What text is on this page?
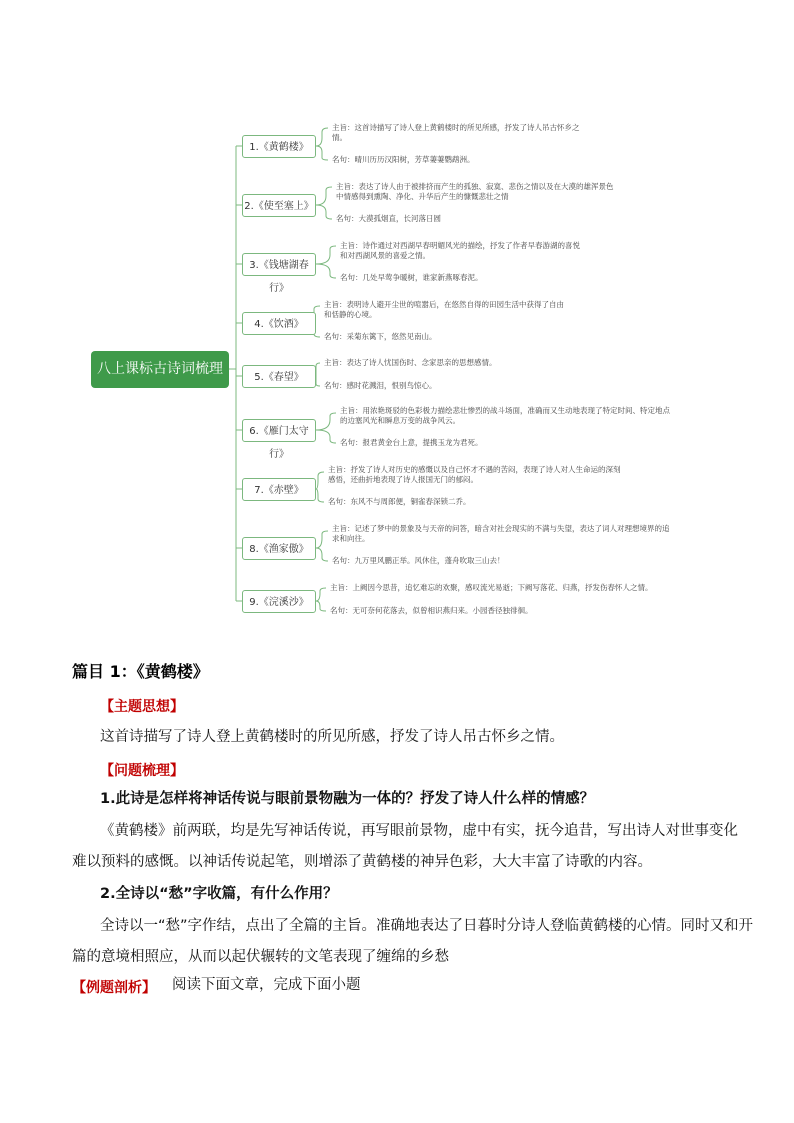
八上课标古诗词梳理
1.《黄鹤楼》
主旨：这首诗描写了诗人登上黄鹤楼时的所见所感，抒发了诗人吊古怀乡之
情。
名句：晴川历历汉阳树，芳草萋萋鹦鹉洲。
2.《使至塞上》
主旨：表达了诗人由于被排挤而产生的孤独、寂寞、悲伤之情以及在大漠的雄浑景色
中情感得到熏陶、净化、升华后产生的慷慨悲壮之情
名句：大漠孤烟直，长河落日圆
3.《钱塘湖春行》
主旨：诗作通过对西湖早春明媚风光的描绘，抒发了作者早春游湖的喜悦
和对西湖风景的喜爱之情。
名句：几处早莺争暖树，谁家新燕啄春泥。
4.《饮酒》
主旨：表明诗人避开尘世的喧嚣后，在悠然自得的田园生活中获得了自由
和恬静的心境。
名句：采菊东篱下，悠然见南山。
5.《春望》
主旨：表达了诗人忧国伤时、念家思亲的思想感情。
名句：感时花溅泪，恨别鸟惊心。
6.《雁门太守行》
主旨：用浓艳斑驳的色彩极力描绘悲壮惨烈的战斗场面，准确而又生动地表现了特定时间、特定地点
的边塞风光和瞬息万变的战争风云。
名句：报君黄金台上意，提携玉龙为君死。
7.《赤壁》
主旨：抒发了诗人对历史的感慨以及自己怀才不遇的苦闷，表现了诗人对人生命运的深刻
感悟，还曲折地表现了诗人报国无门的郁闷。
名句：东风不与周郎便，铜雀春深锁二乔。
8.《渔家傲》
主旨：记述了梦中的景象及与天帝的问答，暗含对社会现实的不满与失望，表达了词人对理想境界的追
求和向往。
名句：九万里风鹏正举。风休住，蓬舟吹取三山去！
9.《浣溪沙》
主旨：上阙因今思昔，追忆难忘的欢聚，感叹流光易逝；下阙写落花、归燕，抒发伤春怀人之情。
名句：无可奈何花落去，似曾相识燕归来。小园香径独徘徊。
篇目 1：《黄鹤楼》
【主题思想】
这首诗描写了诗人登上黄鹤楼时的所见所感，抒发了诗人吊古怀乡之情。
【问题梳理】
1.此诗是怎样将神话传说与眼前景物融为一体的？抒发了诗人什么样的情感？
《黄鹤楼》前两联，均是先写神话传说，再写眼前景物，虚中有实，抚今追昔，写出诗人对世事变化
难以预料的感慨。以神话传说起笔，则增添了黄鹤楼的神异色彩，大大丰富了诗歌的内容。
2.全诗以“愁”字收篇，有什么作用？
全诗以一“愁”字作结，点出了全篇的主旨。准确地表达了日暮时分诗人登临黄鹤楼的心情。同时又和开
篇的意境相照应，从而以起伏辗转的文笔表现了缠绵的乡愁
【例题剖析】 阅读下面文章，完成下面小题
